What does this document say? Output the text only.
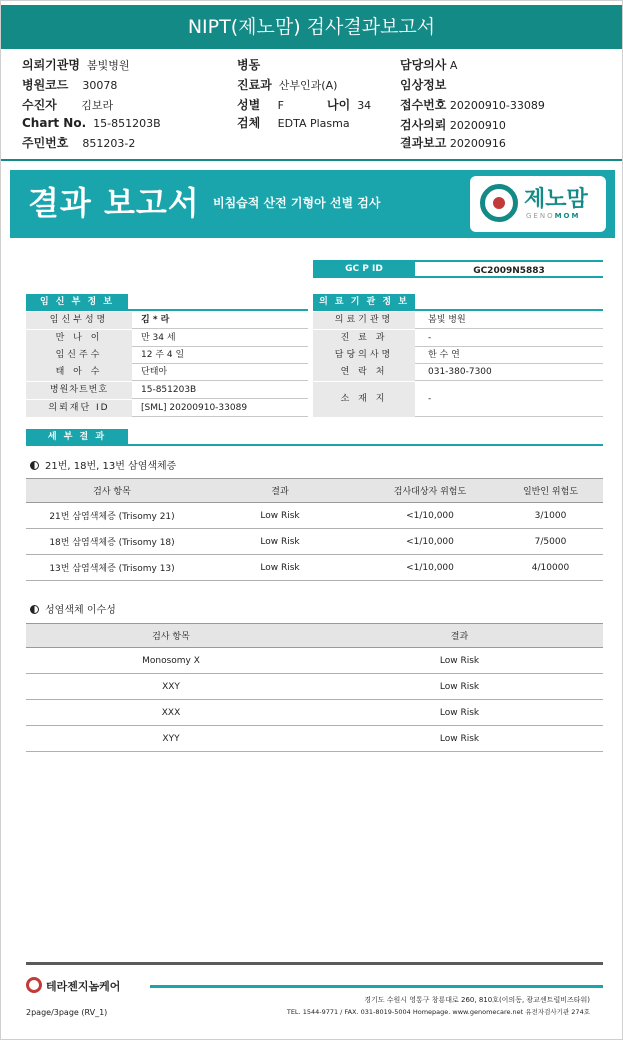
NIPT(제노맘) 검사결과보고서
의뢰기관명 봄빛병원
병원코드 30078
수진자 김보라
Chart No. 15-851203B
주민번호 851203-2
병동
진료과 산부인과(A)
성별 F	나이 34
검체 EDTA Plasma
담당의사 A
임상정보
접수번호 20200910-33089
검사의뢰 20200910
결과보고 20200916
결과 보고서 비침습적 산전 기형아 선별 검사	제노맘
GENOMOM
GC P ID	GC2009N5883
임 신 부 정 보
임신부성명	김 * 라
만 나 이	만 34 세
임신주수	12 주 4 일
태 아 수	단태아
병원차트번호	15-851203B
의뢰재단 ID	[SML] 20200910-33089
의 료 기 관 정 보
의료기관명	봄빛 병원
진 료 과	-
담당의사명	한 수 연
연 락 처	031-380-7300
소 재 지	-
세 부 결 과
21번, 18번, 13번 삼염색체증
검사 항목	결과	검사대상자 위험도	일반인 위험도
21번 삼염색체증 (Trisomy 21)	Low Risk	<1/10,000	3/1000
18번 삼염색체증 (Trisomy 18)	Low Risk	<1/10,000	7/5000
13번 삼염색체증 (Trisomy 13)	Low Risk	<1/10,000	4/10000
성염색체 이수성
검사 항목	결과
Monosomy X	Low Risk
XXY	Low Risk
XXX	Low Risk
XYY	Low Risk
테라젠지놈케어
경기도 수원시 영통구 창룡대로 260, 810호(이의동, 광교센트럴비즈타워)
2page/3page (RV_1)	TEL. 1544-9771 / FAX. 031-8019-5004 Homepage. www.genomecare.net 유전자검사기관 274호
